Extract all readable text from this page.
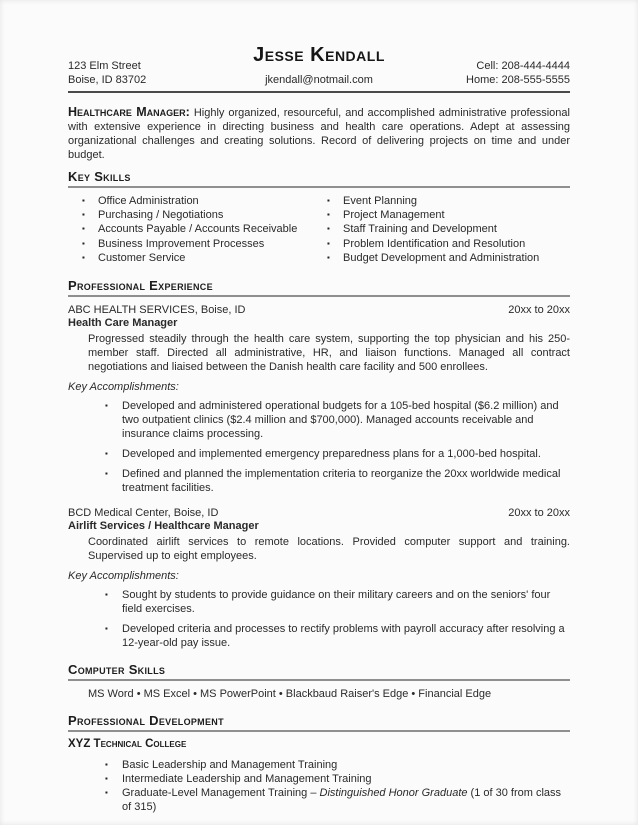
Jesse Kendall
123 Elm Street
Boise, ID 83702
	jkendall@notmail.com
Cell: 208-444-4444
Home: 208-555-5555

Healthcare Manager: Highly organized, resourceful, and accomplished administrative professional with extensive experience in directing business and health care operations. Adept at assessing organizational challenges and creating solutions. Record of delivering projects on time and under budget.

Key Skills
▪ Office Administration
▪ Purchasing / Negotiations
▪ Accounts Payable / Accounts Receivable
▪ Business Improvement Processes
▪ Customer Service
▪ Event Planning
▪ Project Management
▪ Staff Training and Development
▪ Problem Identification and Resolution
▪ Budget Development and Administration
Professional Experience
ABC HEALTH SERVICES, Boise, ID	20xx to 20xx
Health Care Manager

Progressed steadily through the health care system, supporting the top physician and his 250-member staff. Directed all administrative, HR, and liaison functions. Managed all contract negotiations and liaised between the Danish health care facility and 500 enrollees.

Key Accomplishments:
▪ Developed and administered operational budgets for a 105-bed hospital ($6.2 million) and two outpatient clinics ($2.4 million and $700,000). Managed accounts receivable and insurance claims processing.
▪ Developed and implemented emergency preparedness plans for a 1,000-bed hospital.
▪ Defined and planned the implementation criteria to reorganize the 20xx worldwide medical treatment facilities.
BCD Medical Center, Boise, ID	20xx to 20xx
Airlift Services / Healthcare Manager

Coordinated airlift services to remote locations. Provided computer support and training. Supervised up to eight employees.

Key Accomplishments:
▪ Sought by students to provide guidance on their military careers and on the seniors' four field exercises.
▪ Developed criteria and processes to rectify problems with payroll accuracy after resolving a 12-year-old pay issue.
Computer Skills

MS Word • MS Excel • MS PowerPoint • Blackbaud Raiser's Edge • Financial Edge

Professional Development
XYZ Technical College
▪ Basic Leadership and Management Training
▪ Intermediate Leadership and Management Training
▪ Graduate-Level Management Training – Distinguished Honor Graduate (1 of 30 from class of 315)
